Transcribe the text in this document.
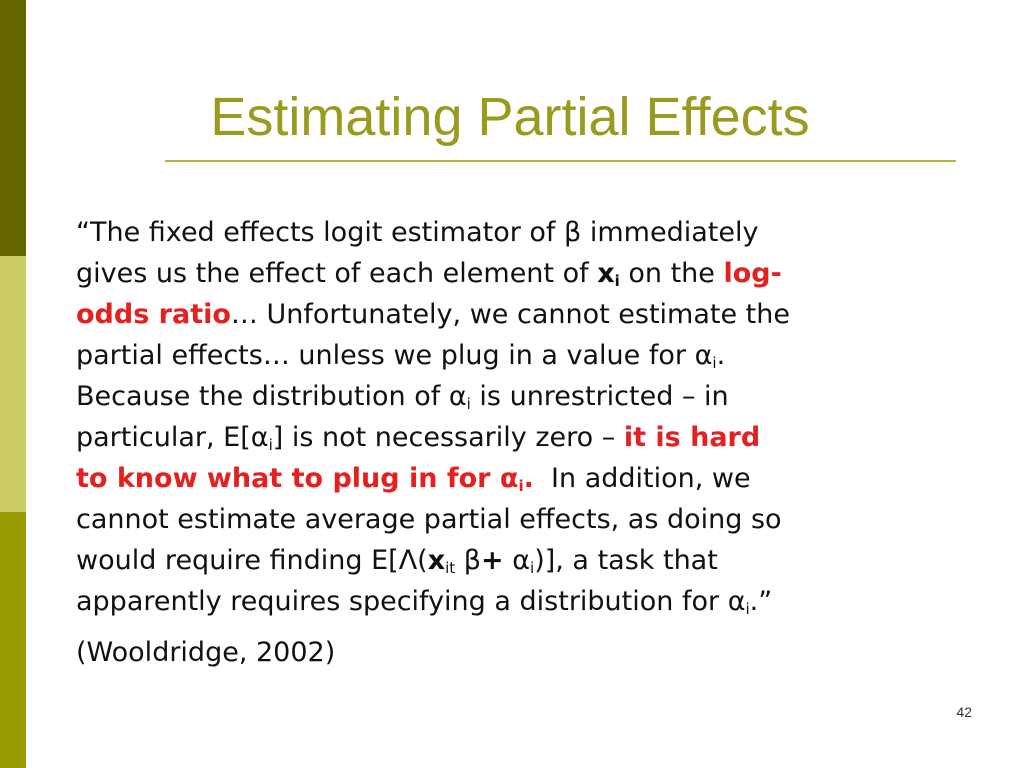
Estimating Partial Effects
“The fixed effects logit estimator of β immediately
gives us the effect of each element of $x_i$ on the log-
odds ratio… Unfortunately, we cannot estimate the
partial effects… unless we plug in a value for $\alpha_i$.
Because the distribution of $\alpha_i$ is unrestricted – in
particular, $E[\alpha_i]$ is not necessarily zero – it is hard
to know what to plug in for $\alpha_i$.  In addition, we
cannot estimate average partial effects, as doing so
would require finding $E[\Lambda(x_{it}$ $\beta+ \alpha_i$)], a task that
apparently requires specifying a distribution for $\alpha_i$.”
(Wooldridge, 2002)
42
